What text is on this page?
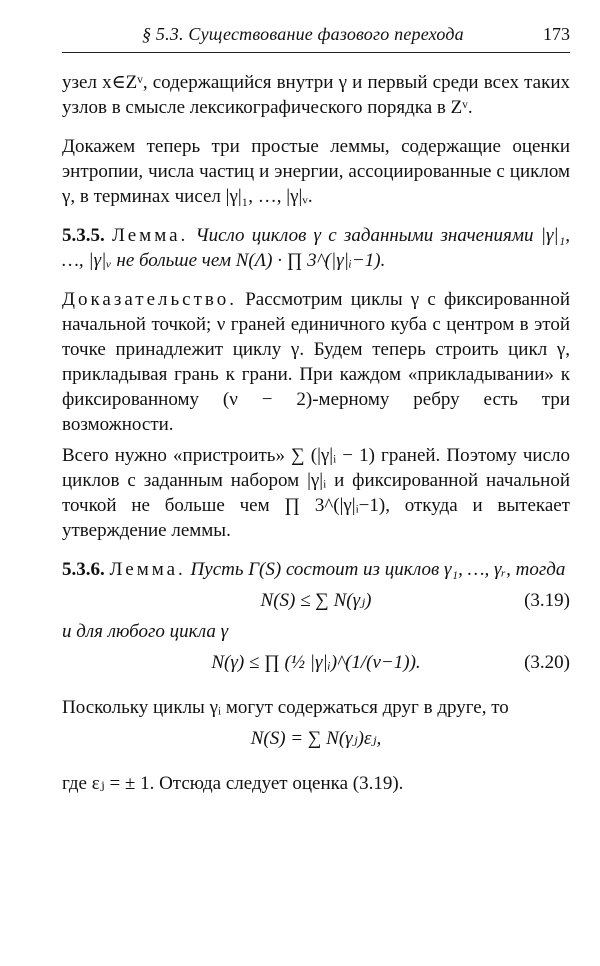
§ 5.3. Существование фазового перехода	173

узел x∈Zᵛ, содержащийся внутри γ и первый среди всех таких узлов в смысле лексикографического порядка в Zᵛ.

Докажем теперь три простые леммы, содержащие оценки энтропии, числа частиц и энергии, ассоциированные с циклом γ, в терминах чисел |γ|₁, …, |γ|ᵥ.

5.3.5. Лемма. Число циклов γ с заданными значениями |γ|₁, …, |γ|ᵥ не больше чем N(Λ) · ∏ 3^(|γ|ᵢ−1).

Доказательство. Рассмотрим циклы γ с фиксированной начальной точкой; ν граней единичного куба с центром в этой точке принадлежит циклу γ. Будем теперь строить цикл γ, прикладывая грань к грани. При каждом «прикладывании» к фиксированному (ν − 2)-мерному ребру есть три возможности.

Всего нужно «пристроить» ∑ (|γ|ᵢ − 1) граней. Поэтому число циклов с заданным набором |γ|ᵢ и фиксированной начальной точкой не больше чем ∏ 3^(|γ|ᵢ−1), откуда и вытекает утверждение леммы.

5.3.6. Лемма. Пусть Γ(S) состоит из циклов γ₁, …, γᵣ, тогда

N(S) ≤ ∑ N(γⱼ)	(3.19)

и для любого цикла γ

N(γ) ≤ ∏ (½ |γ|ᵢ)^(1/(ν−1)).	(3.20)

Поскольку циклы γᵢ могут содержаться друг в друге, то

N(S) = ∑ N(γⱼ)εⱼ,

где εⱼ = ± 1. Отсюда следует оценка (3.19).
